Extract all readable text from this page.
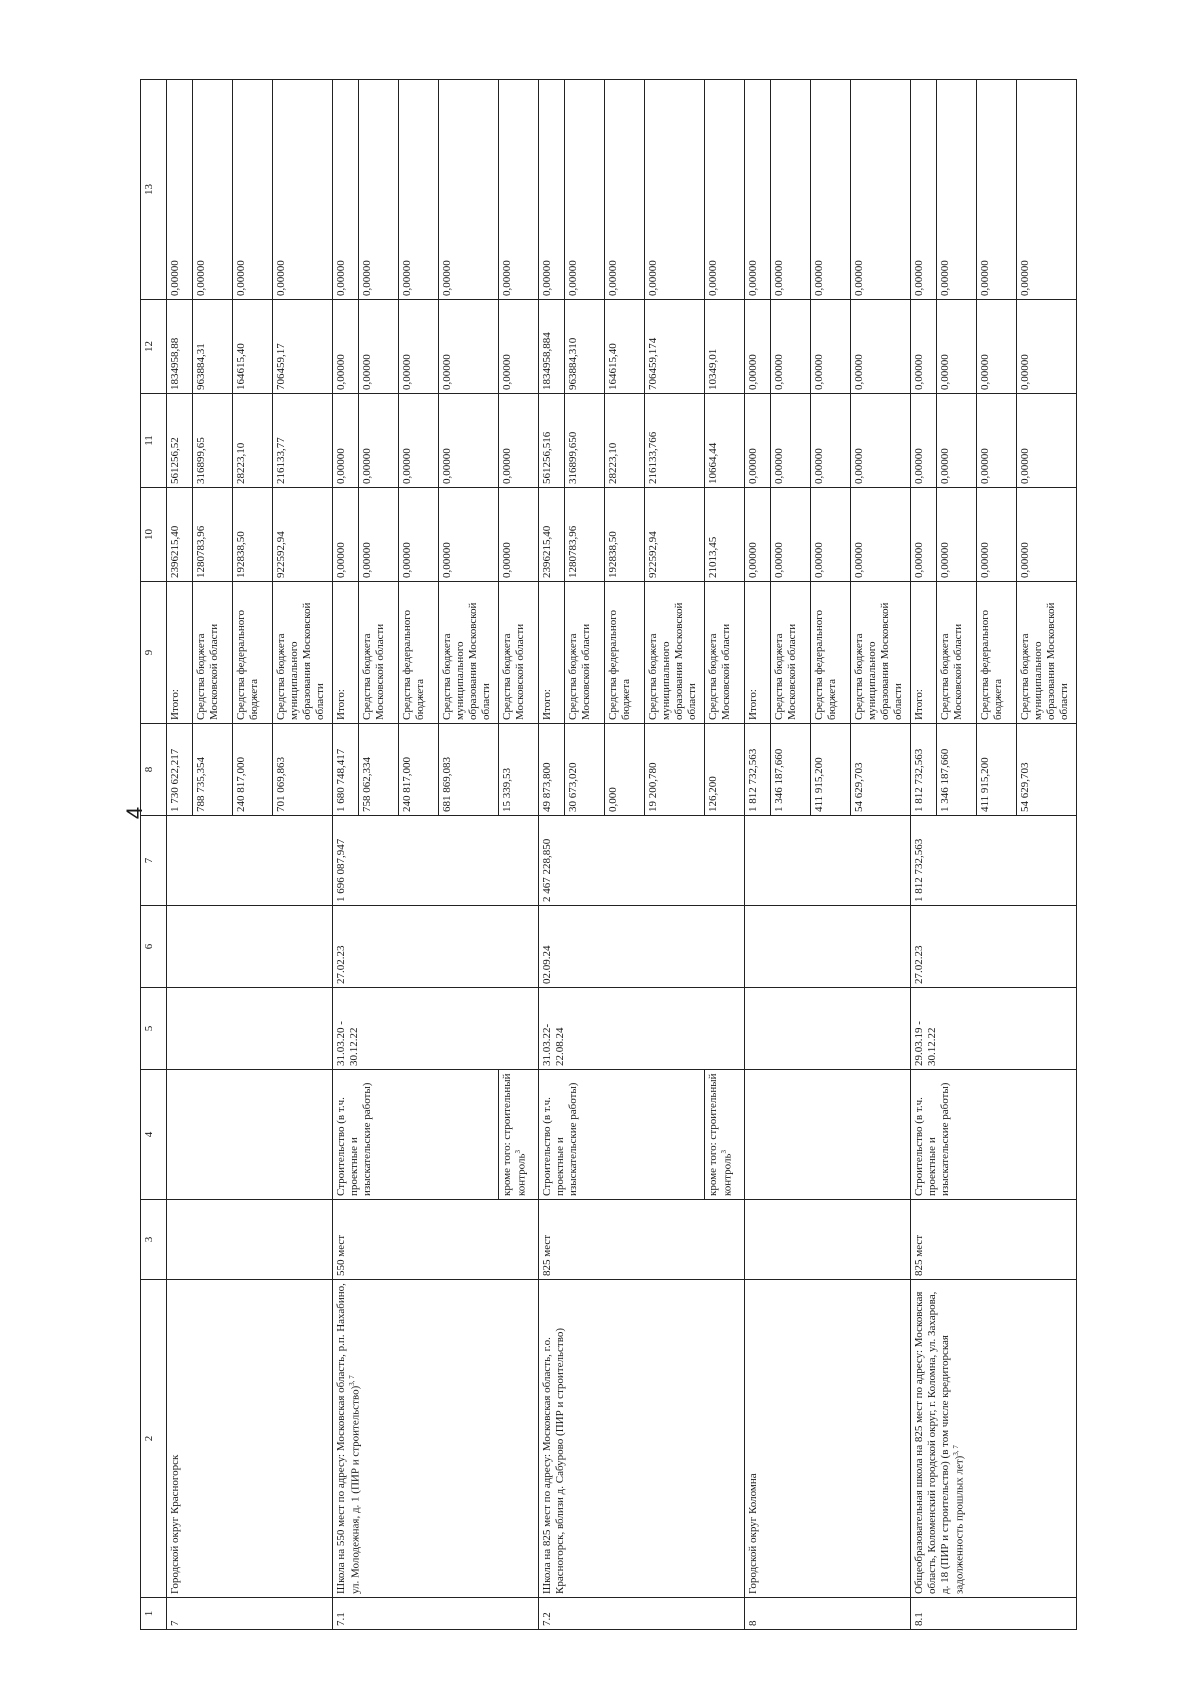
4
1	2	3	4	5	6	7	8	9	10	11	12	13
7	Городской округ Красногорск						1 730 622,217	Итого:	2396215,40	561256,52	1834958,88	0,00000
							788 735,354	Средства бюджета Московской области	1280783,96	316899,65	963884,31	0,00000
							240 817,000	Средства федерального бюджета	192838,50	28223,10	164615,40	0,00000
							701 069,863	Средства бюджета муниципального образования Московской области	922592,94	216133,77	706459,17	0,00000
7.1	Школа на 550 мест по адресу: Московская область, р.п. Нахабино, ул. Молодежная, д. 1 (ПИР и строительство)$^{3, 7}$	550 мест	Строительство (в т.ч. проектные и изыскательские работы)	31.03.20 - 30.12.22	27.02.23	1 696 087,947	1 680 748,417	Итого:	0,00000	0,00000	0,00000	0,00000
							758 062,334	Средства бюджета Московской области	0,00000	0,00000	0,00000	0,00000
							240 817,000	Средства федерального бюджета	0,00000	0,00000	0,00000	0,00000
							681 869,083	Средства бюджета муниципального образования Московской области	0,00000	0,00000	0,00000	0,00000
			кроме того: строительный контроль$^3$				15 339,53	Средства бюджета Московской области	0,00000	0,00000	0,00000	0,00000
7.2	Школа на 825 мест по адресу: Московская область, г.о. Красногорск, вблизи д. Сабурово (ПИР и строительство)	825 мест	Строительство (в т.ч. проектные и изыскательские работы)	31.03.22- 22.08.24	02.09.24	2 467 228,850	49 873,800	Итого:	2396215,40	561256,516	1834958,884	0,00000
							30 673,020	Средства бюджета Московской области	1280783,96	316899,650	963884,310	0,00000
							0,000	Средства федерального бюджета	192838,50	28223,10	164615,40	0,00000
							19 200,780	Средства бюджета муниципального образования Московской области	922592,94	216133,766	706459,174	0,00000
			кроме того: строительный контроль$^3$				126,200	Средства бюджета Московской области	21013,45	10664,44	10349,01	0,00000
8	Городской округ Коломна						1 812 732,563	Итого:	0,00000	0,00000	0,00000	0,00000
							1 346 187,660	Средства бюджета Московской области	0,00000	0,00000	0,00000	0,00000
							411 915,200	Средства федерального бюджета	0,00000	0,00000	0,00000	0,00000
							54 629,703	Средства бюджета муниципального образования Московской области	0,00000	0,00000	0,00000	0,00000
8.1	Общеобразовательная школа на 825 мест по адресу: Московская область, Коломенский городской округ, г. Коломна, ул. Захарова, д. 18 (ПИР и строительство) (в том числе кредиторская задолженность прошлых лет)$^{3, 7}$	825 мест	Строительство (в т.ч. проектные и изыскательские работы)	29.03.19 - 30.12.22	27.02.23	1 812 732,563	1 812 732,563	Итого:	0,00000	0,00000	0,00000	0,00000
							1 346 187,660	Средства бюджета Московской области	0,00000	0,00000	0,00000	0,00000
							411 915,200	Средства федерального бюджета	0,00000	0,00000	0,00000	0,00000
							54 629,703	Средства бюджета муниципального образования Московской области	0,00000	0,00000	0,00000	0,00000
